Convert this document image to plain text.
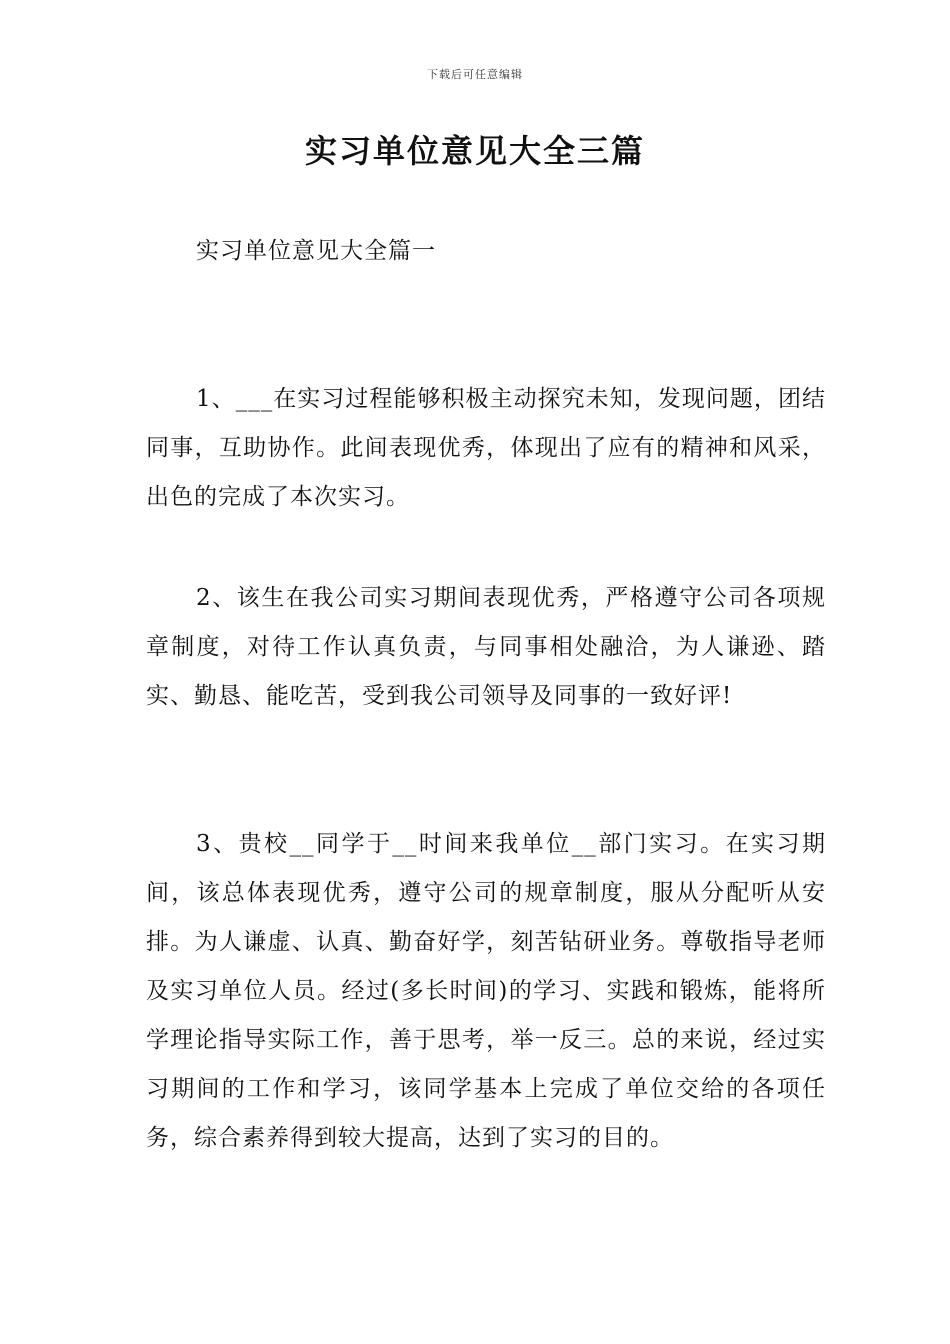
下载后可任意编辑
实习单位意见大全三篇
实习单位意见大全篇一

1、___在实习过程能够积极主动探究未知，发现问题，团结同事，互助协作。此间表现优秀，体现出了应有的精神和风采，出色的完成了本次实习。

2、该生在我公司实习期间表现优秀，严格遵守公司各项规章制度，对待工作认真负责，与同事相处融洽，为人谦逊、踏实、勤恳、能吃苦，受到我公司领导及同事的一致好评!

3、贵校__同学于__时间来我单位__部门实习。在实习期间，该总体表现优秀，遵守公司的规章制度，服从分配听从安排。为人谦虚、认真、勤奋好学，刻苦钻研业务。尊敬指导老师及实习单位人员。经过(多长时间)的学习、实践和锻炼，能将所学理论指导实际工作，善于思考，举一反三。总的来说，经过实习期间的工作和学习，该同学基本上完成了单位交给的各项任务，综合素养得到较大提高，达到了实习的目的。
